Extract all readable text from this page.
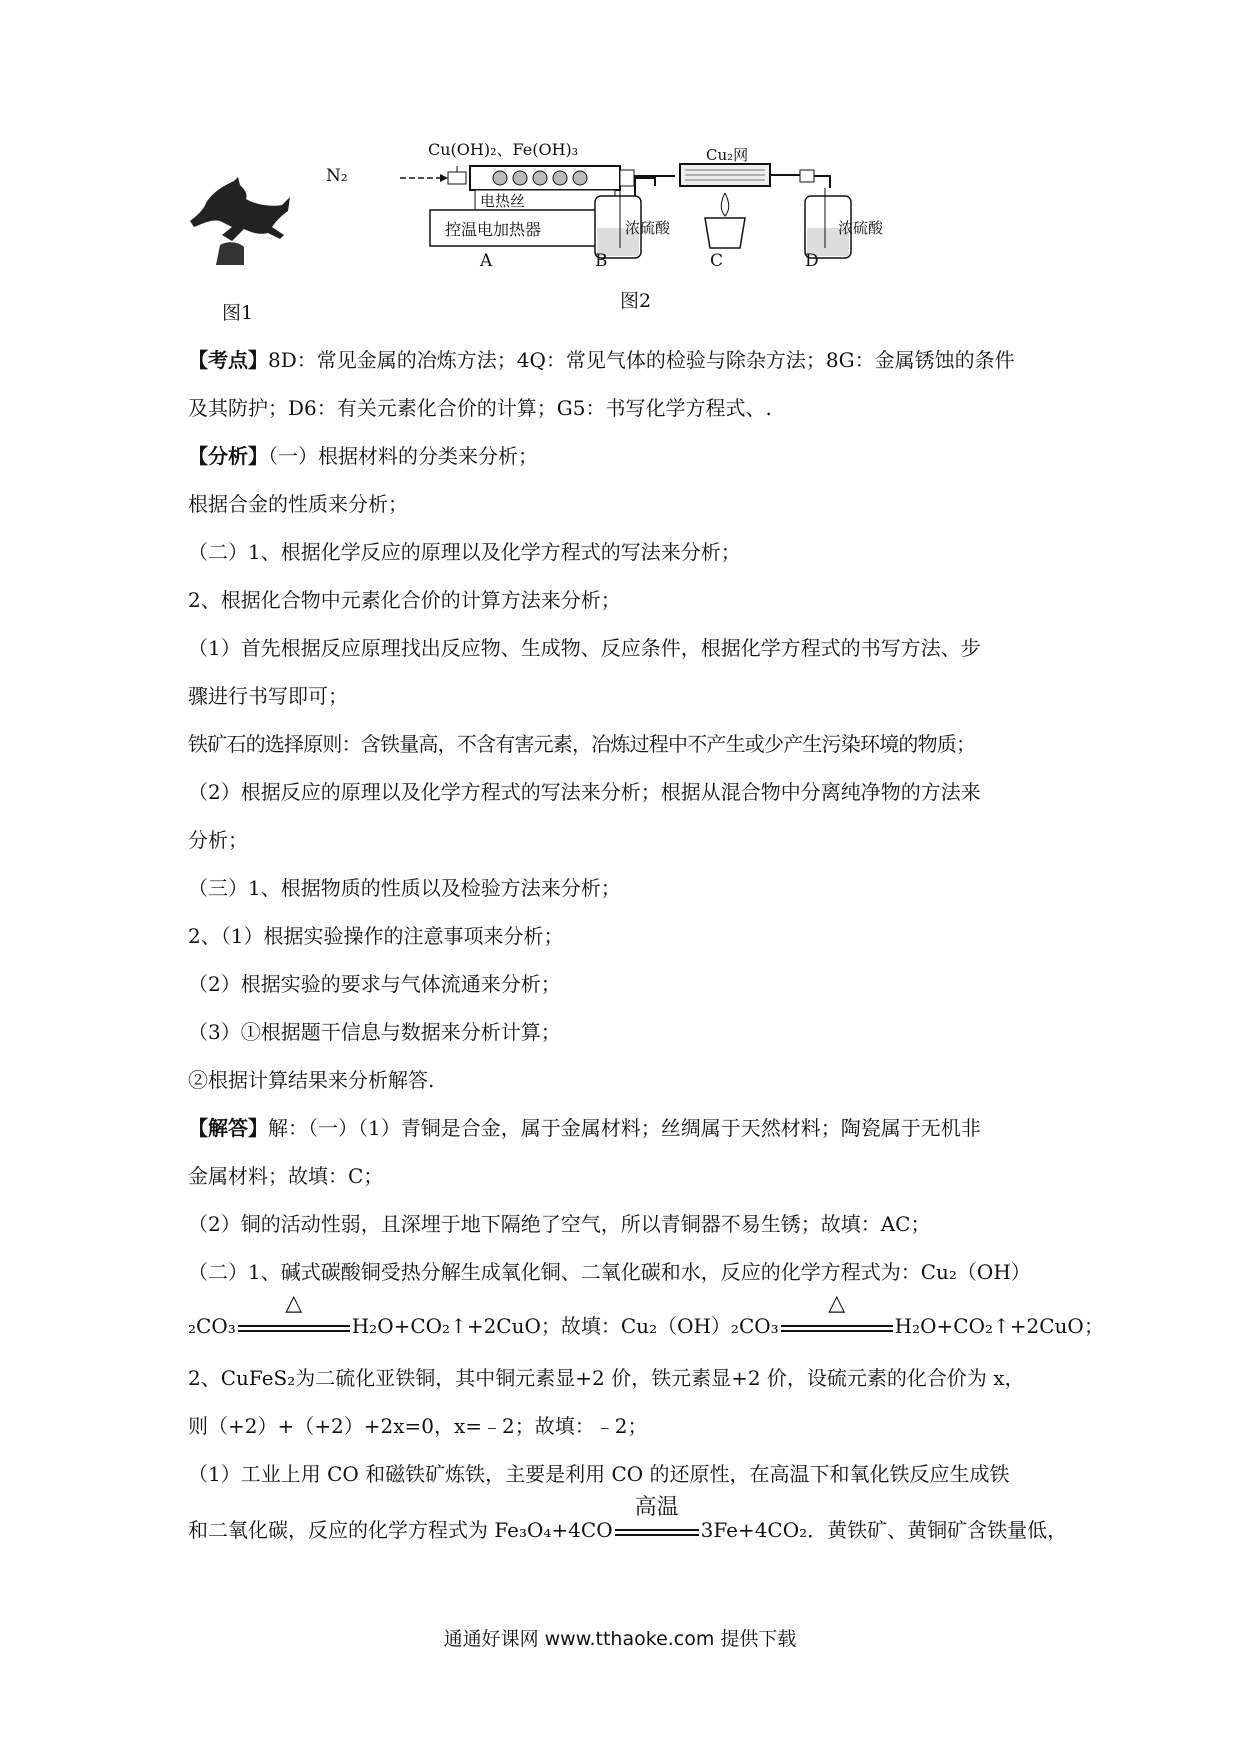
图1
N₂
Cu(OH)₂、Fe(OH)₃
电热丝
控温电加热器
Cu₂网
浓硫酸	浓硫酸
A	B	C	D
图2
【考点】8D：常见金属的冶炼方法；4Q：常见气体的检验与除杂方法；8G：金属锈蚀的条件
及其防护；D6：有关元素化合价的计算；G5：书写化学方程式、.
【分析】（一）根据材料的分类来分析；
根据合金的性质来分析；
（二）1、根据化学反应的原理以及化学方程式的写法来分析；
2、根据化合物中元素化合价的计算方法来分析；
（1）首先根据反应原理找出反应物、生成物、反应条件，根据化学方程式的书写方法、步
骤进行书写即可；
铁矿石的选择原则：含铁量高，不含有害元素，冶炼过程中不产生或少产生污染环境的物质；
（2）根据反应的原理以及化学方程式的写法来分析；根据从混合物中分离纯净物的方法来
分析；
（三）1、根据物质的性质以及检验方法来分析；
2、（1）根据实验操作的注意事项来分析；
（2）根据实验的要求与气体流通来分析；
（3）①根据题干信息与数据来分析计算；
②根据计算结果来分析解答.
【解答】解：（一）（1）青铜是合金，属于金属材料；丝绸属于天然材料；陶瓷属于无机非
金属材料；故填：C；
（2）铜的活动性弱，且深埋于地下隔绝了空气，所以青铜器不易生锈；故填：AC；
（二）1、碱式碳酸铜受热分解生成氧化铜、二氧化碳和水，反应的化学方程式为：Cu₂（OH）
₂CO₃
△
H₂O+CO₂↑+2CuO；故填：Cu₂（OH）₂CO₃
△
H₂O+CO₂↑+2CuO；
2、CuFeS₂为二硫化亚铁铜，其中铜元素显+2 价，铁元素显+2 价，设硫元素的化合价为 x，
则（+2）+（+2）+2x=0，x=﹣2；故填：﹣2；
（1）工业上用 CO 和磁铁矿炼铁，主要是利用 CO 的还原性，在高温下和氧化铁反应生成铁
和二氧化碳，反应的化学方程式为 Fe₃O₄+4CO
高温
3Fe+4CO₂．黄铁矿、黄铜矿含铁量低，
通通好课网 www.tthaoke.com 提供下载
